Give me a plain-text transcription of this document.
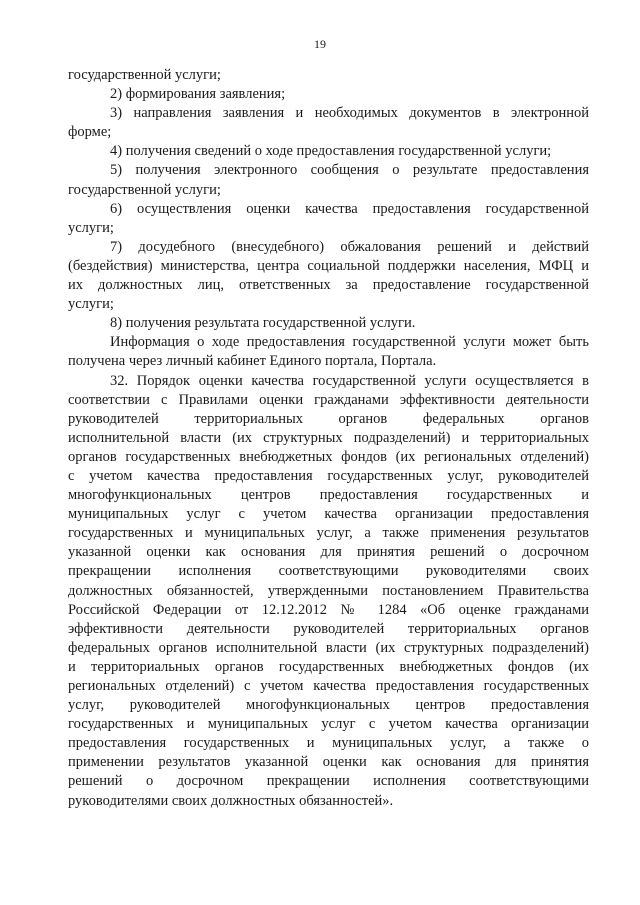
19
государственной услуги;
2) формирования заявления;
3) направления заявления и необходимых документов в электронной
форме;
4) получения сведений о ходе предоставления государственной услуги;
5) получения электронного сообщения о результате предоставления
государственной услуги;
6) осуществления оценки качества предоставления государственной
услуги;
7) досудебного (внесудебного) обжалования решений и действий
(бездействия) министерства, центра социальной поддержки населения, МФЦ и
их должностных лиц, ответственных за предоставление государственной
услуги;
8) получения результата государственной услуги.
Информация о ходе предоставления государственной услуги может быть
получена через личный кабинет Единого портала, Портала.
32. Порядок оценки качества государственной услуги осуществляется в
соответствии с Правилами оценки гражданами эффективности деятельности
руководителей территориальных органов федеральных органов
исполнительной власти (их структурных подразделений) и территориальных
органов государственных внебюджетных фондов (их региональных отделений)
с учетом качества предоставления государственных услуг, руководителей
многофункциональных центров предоставления государственных и
муниципальных услуг с учетом качества организации предоставления
государственных и муниципальных услуг, а также применения результатов
указанной оценки как основания для принятия решений о досрочном
прекращении исполнения соответствующими руководителями своих
должностных обязанностей, утвержденными постановлением Правительства
Российской Федерации от 12.12.2012 № 1284 «Об оценке гражданами
эффективности деятельности руководителей территориальных органов
федеральных органов исполнительной власти (их структурных подразделений)
и территориальных органов государственных внебюджетных фондов (их
региональных отделений) с учетом качества предоставления государственных
услуг, руководителей многофункциональных центров предоставления
государственных и муниципальных услуг с учетом качества организации
предоставления государственных и муниципальных услуг, а также о
применении результатов указанной оценки как основания для принятия
решений о досрочном прекращении исполнения соответствующими
руководителями своих должностных обязанностей».
